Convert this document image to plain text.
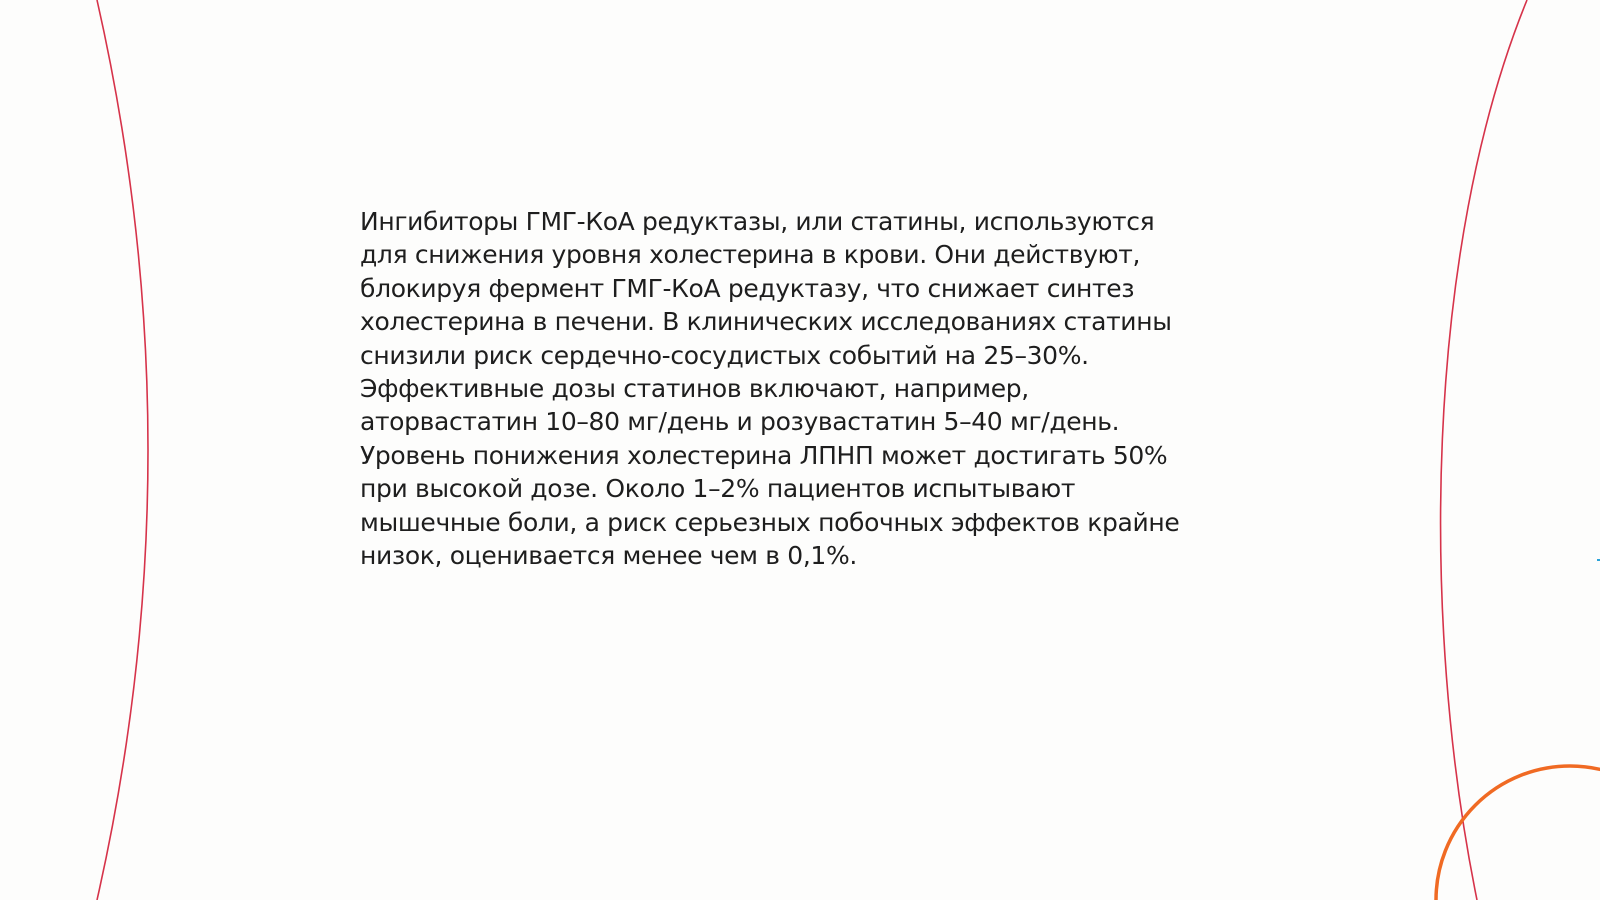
Ингибиторы ГМГ-КоА редуктазы, или статины, используются
для снижения уровня холестерина в крови. Они действуют,
блокируя фермент ГМГ-КоА редуктазу, что снижает синтез
холестерина в печени. В клинических исследованиях статины
снизили риск сердечно-сосудистых событий на 25–30%.
Эффективные дозы статинов включают, например,
аторвастатин 10–80 мг/день и розувастатин 5–40 мг/день.
Уровень понижения холестерина ЛПНП может достигать 50%
при высокой дозе. Около 1–2% пациентов испытывают
мышечные боли, а риск серьезных побочных эффектов крайне
низок, оценивается менее чем в 0,1%.
